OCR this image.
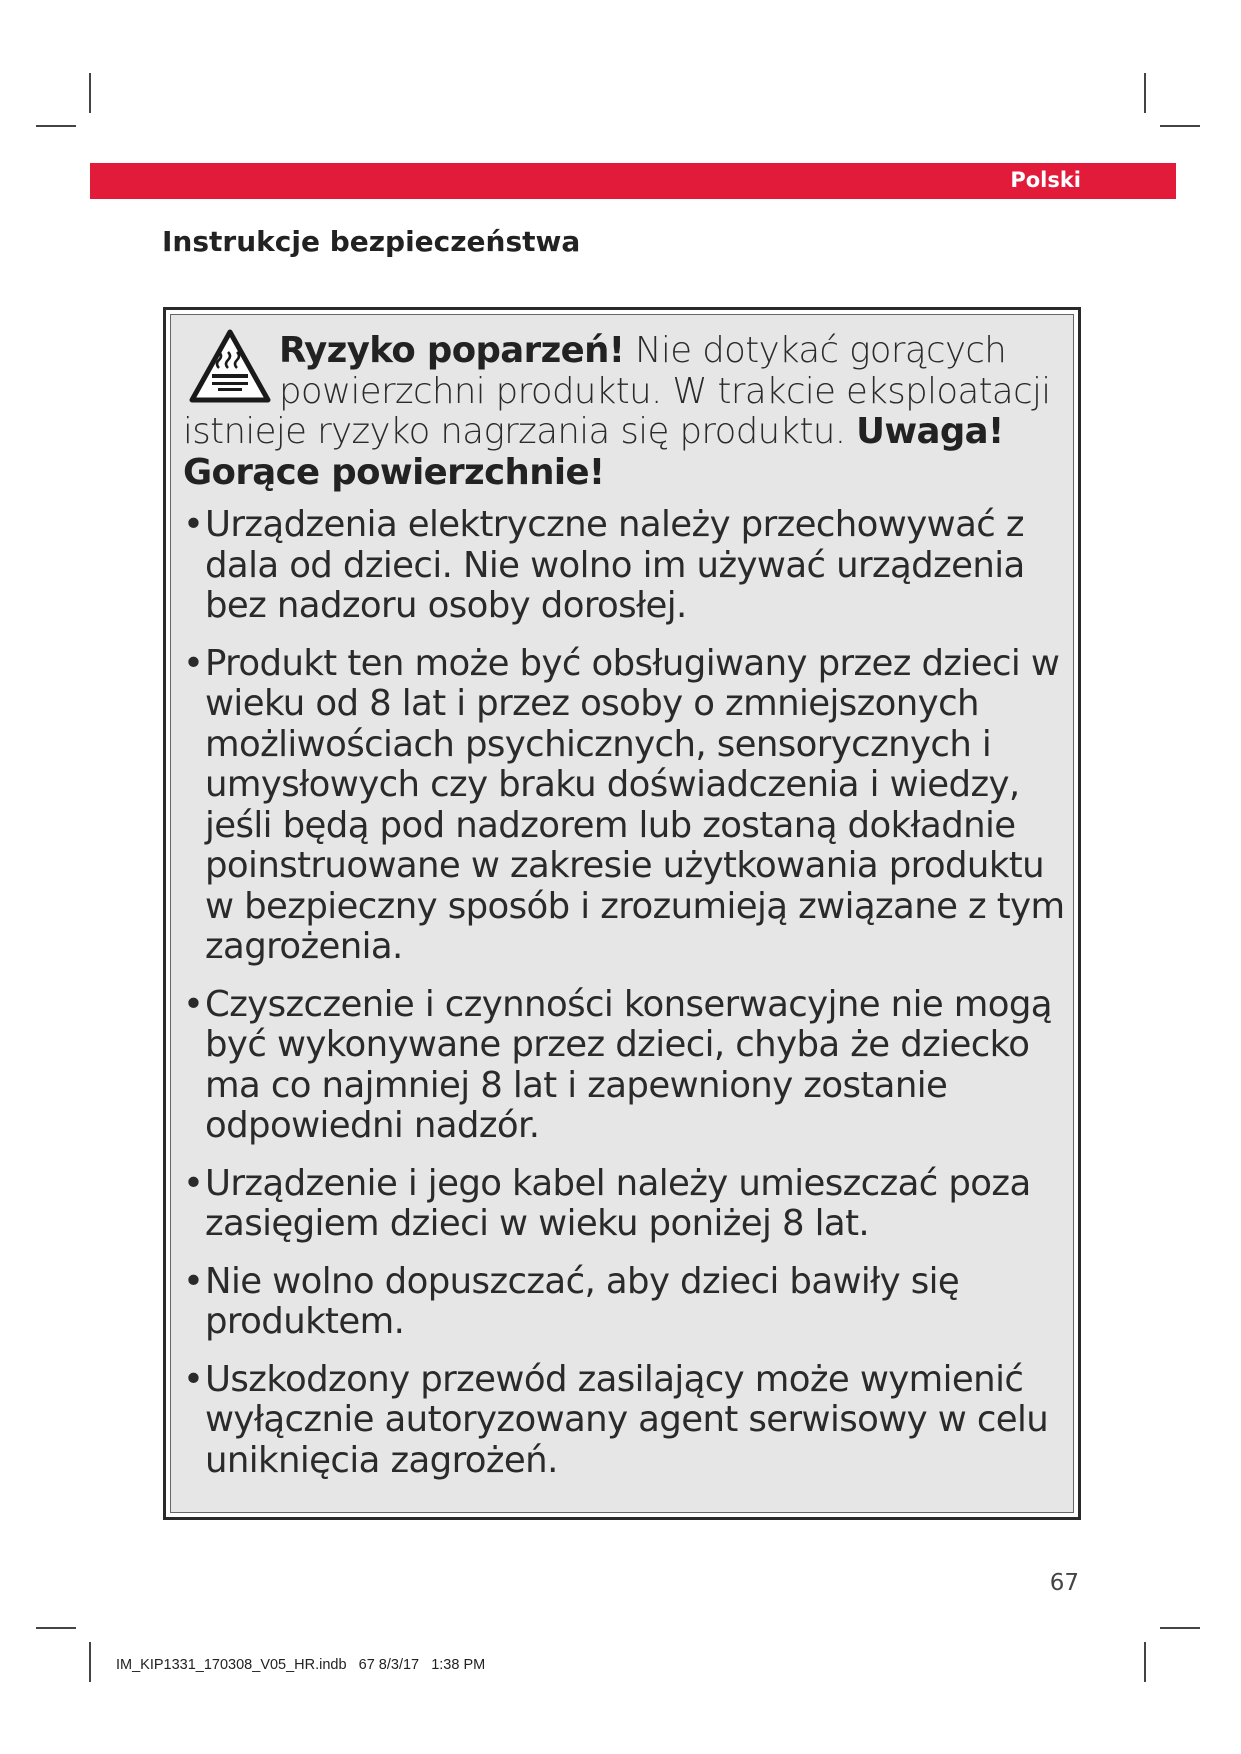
Polski
Instrukcje bezpieczeństwa
Ryzyko poparzeń! Nie dotykać gorących powierzchni produktu. W trakcie eksploatacji istnieje ryzyko nagrzania się produktu. Uwaga! Gorące powierzchnie!
• Urządzenia elektryczne należy przechowywać z dala od dzieci. Nie wolno im używać urządzenia bez nadzoru osoby dorosłej.
• Produkt ten może być obsługiwany przez dzieci w wieku od 8 lat i przez osoby o zmniejszonych możliwościach psychicznych, sensorycznych i umysłowych czy braku doświadczenia i wiedzy, jeśli będą pod nadzorem lub zostaną dokładnie poinstruowane w zakresie użytkowania produktu w bezpieczny sposób i zrozumieją związane z tym zagrożenia.
• Czyszczenie i czynności konserwacyjne nie mogą być wykonywane przez dzieci, chyba że dziecko ma co najmniej 8 lat i zapewniony zostanie odpowiedni nadzór.
• Urządzenie i jego kabel należy umieszczać poza zasięgiem dzieci w wieku poniżej 8 lat.
• Nie wolno dopuszczać, aby dzieci bawiły się produktem.
• Uszkodzony przewód zasilający może wymienić wyłącznie autoryzowany agent serwisowy w celu uniknięcia zagrożeń.
67
IM_KIP1331_170308_V05_HR.indb   67 8/3/17   1:38 PM
